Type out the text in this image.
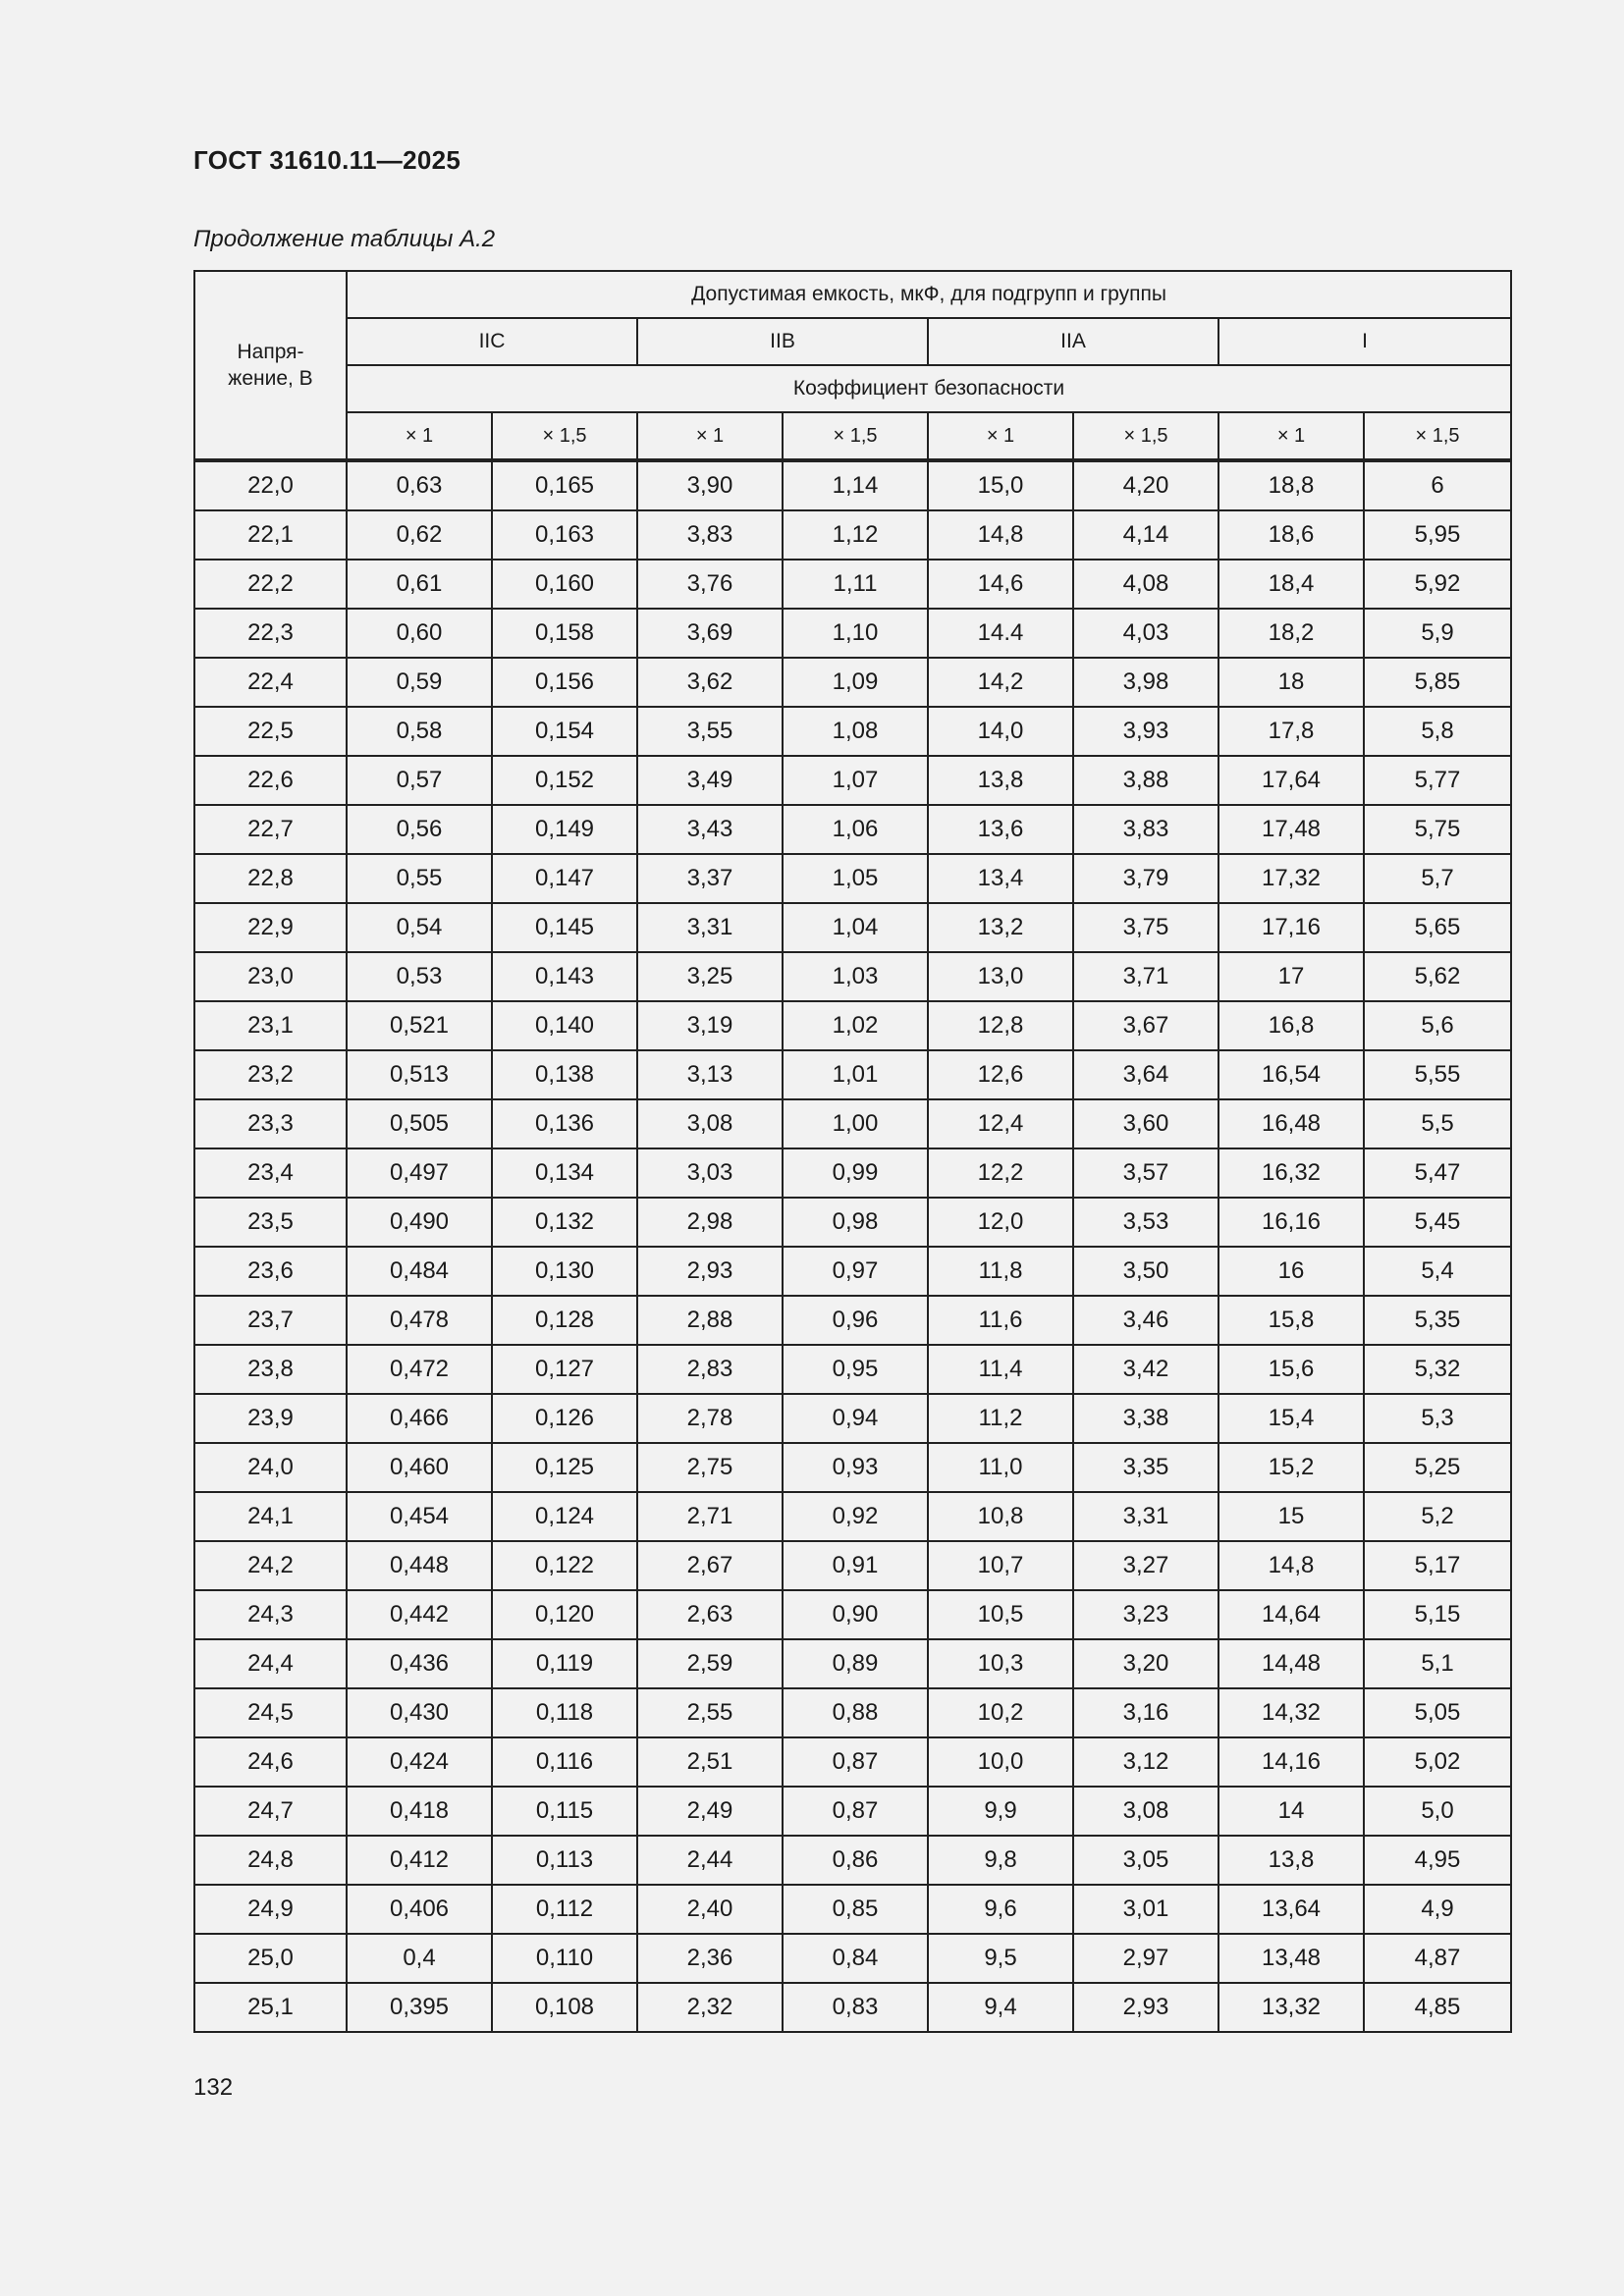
ГОСТ 31610.11—2025
Продолжение таблицы А.2
Напря-
жение, В	Допустимая емкость, мкФ, для подгрупп и группы							
	IIC		IIB		IIA		I	
	Коэффициент безопасности							
	× 1	× 1,5	× 1	× 1,5	× 1	× 1,5	× 1	× 1,5
22,0	0,63	0,165	3,90	1,14	15,0	4,20	18,8	6
22,1	0,62	0,163	3,83	1,12	14,8	4,14	18,6	5,95
22,2	0,61	0,160	3,76	1,11	14,6	4,08	18,4	5,92
22,3	0,60	0,158	3,69	1,10	14.4	4,03	18,2	5,9
22,4	0,59	0,156	3,62	1,09	14,2	3,98	18	5,85
22,5	0,58	0,154	3,55	1,08	14,0	3,93	17,8	5,8
22,6	0,57	0,152	3,49	1,07	13,8	3,88	17,64	5,77
22,7	0,56	0,149	3,43	1,06	13,6	3,83	17,48	5,75
22,8	0,55	0,147	3,37	1,05	13,4	3,79	17,32	5,7
22,9	0,54	0,145	3,31	1,04	13,2	3,75	17,16	5,65
23,0	0,53	0,143	3,25	1,03	13,0	3,71	17	5,62
23,1	0,521	0,140	3,19	1,02	12,8	3,67	16,8	5,6
23,2	0,513	0,138	3,13	1,01	12,6	3,64	16,54	5,55
23,3	0,505	0,136	3,08	1,00	12,4	3,60	16,48	5,5
23,4	0,497	0,134	3,03	0,99	12,2	3,57	16,32	5,47
23,5	0,490	0,132	2,98	0,98	12,0	3,53	16,16	5,45
23,6	0,484	0,130	2,93	0,97	11,8	3,50	16	5,4
23,7	0,478	0,128	2,88	0,96	11,6	3,46	15,8	5,35
23,8	0,472	0,127	2,83	0,95	11,4	3,42	15,6	5,32
23,9	0,466	0,126	2,78	0,94	11,2	3,38	15,4	5,3
24,0	0,460	0,125	2,75	0,93	11,0	3,35	15,2	5,25
24,1	0,454	0,124	2,71	0,92	10,8	3,31	15	5,2
24,2	0,448	0,122	2,67	0,91	10,7	3,27	14,8	5,17
24,3	0,442	0,120	2,63	0,90	10,5	3,23	14,64	5,15
24,4	0,436	0,119	2,59	0,89	10,3	3,20	14,48	5,1
24,5	0,430	0,118	2,55	0,88	10,2	3,16	14,32	5,05
24,6	0,424	0,116	2,51	0,87	10,0	3,12	14,16	5,02
24,7	0,418	0,115	2,49	0,87	9,9	3,08	14	5,0
24,8	0,412	0,113	2,44	0,86	9,8	3,05	13,8	4,95
24,9	0,406	0,112	2,40	0,85	9,6	3,01	13,64	4,9
25,0	0,4	0,110	2,36	0,84	9,5	2,97	13,48	4,87
25,1	0,395	0,108	2,32	0,83	9,4	2,93	13,32	4,85
132
